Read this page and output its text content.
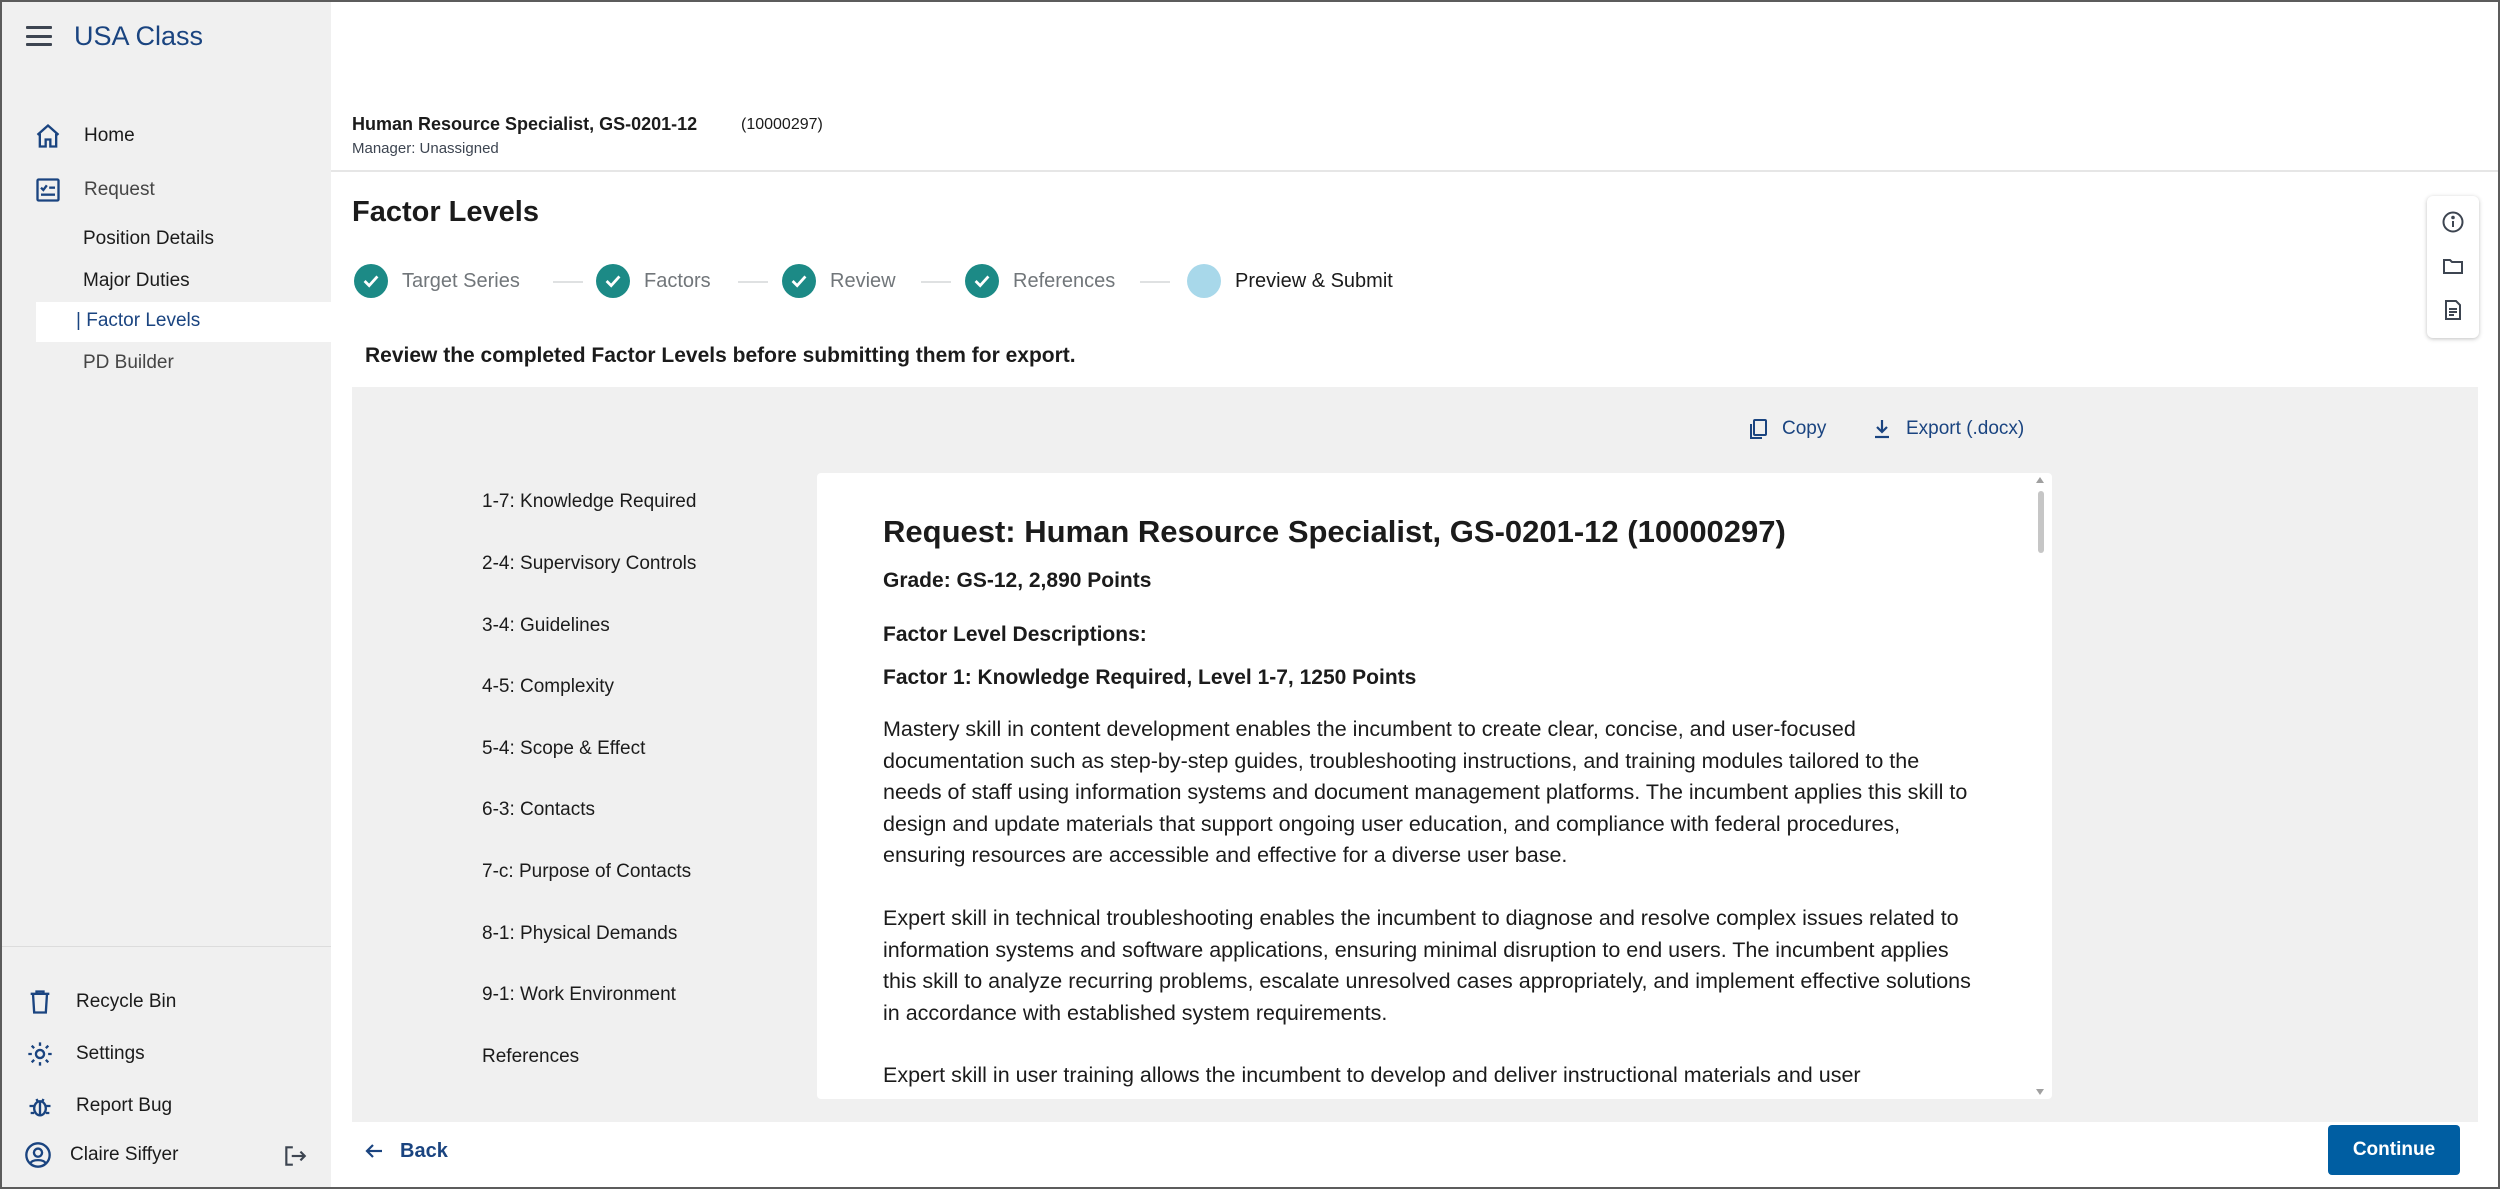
USA Class
Home
Request
Position Details
Major Duties
| Factor Levels
PD Builder
Recycle Bin
Settings
Report Bug
Claire Siffyer
Human Resource Specialist, GS-0201-12	(10000297)
Manager: Unassigned
Factor Levels
Target Series	Factors	Review	References	Preview & Submit

Review the completed Factor Levels before submitting them for export.

Copy	Export (.docx)
1-7: Knowledge Required
2-4: Supervisory Controls
3-4: Guidelines
4-5: Complexity
5-4: Scope & Effect
6-3: Contacts
7-c: Purpose of Contacts
8-1: Physical Demands
9-1: Work Environment
References
Request: Human Resource Specialist, GS-0201-12 (10000297)

Grade: GS-12, 2,890 Points

Factor Level Descriptions:

Factor 1: Knowledge Required, Level 1-7, 1250 Points

Mastery skill in content development enables the incumbent to create clear, concise, and user-focused documentation such as step-by-step guides, troubleshooting instructions, and training modules tailored to the needs of staff using information systems and document management platforms. The incumbent applies this skill to design and update materials that support ongoing user education, and compliance with federal procedures, ensuring resources are accessible and effective for a diverse user base.

Expert skill in technical troubleshooting enables the incumbent to diagnose and resolve complex issues related to information systems and software applications, ensuring minimal disruption to end users. The incumbent applies this skill to analyze recurring problems, escalate unresolved cases appropriately, and implement effective solutions in accordance with established system requirements.

Expert skill in user training allows the incumbent to develop and deliver instructional materials and user

Back	Continue
